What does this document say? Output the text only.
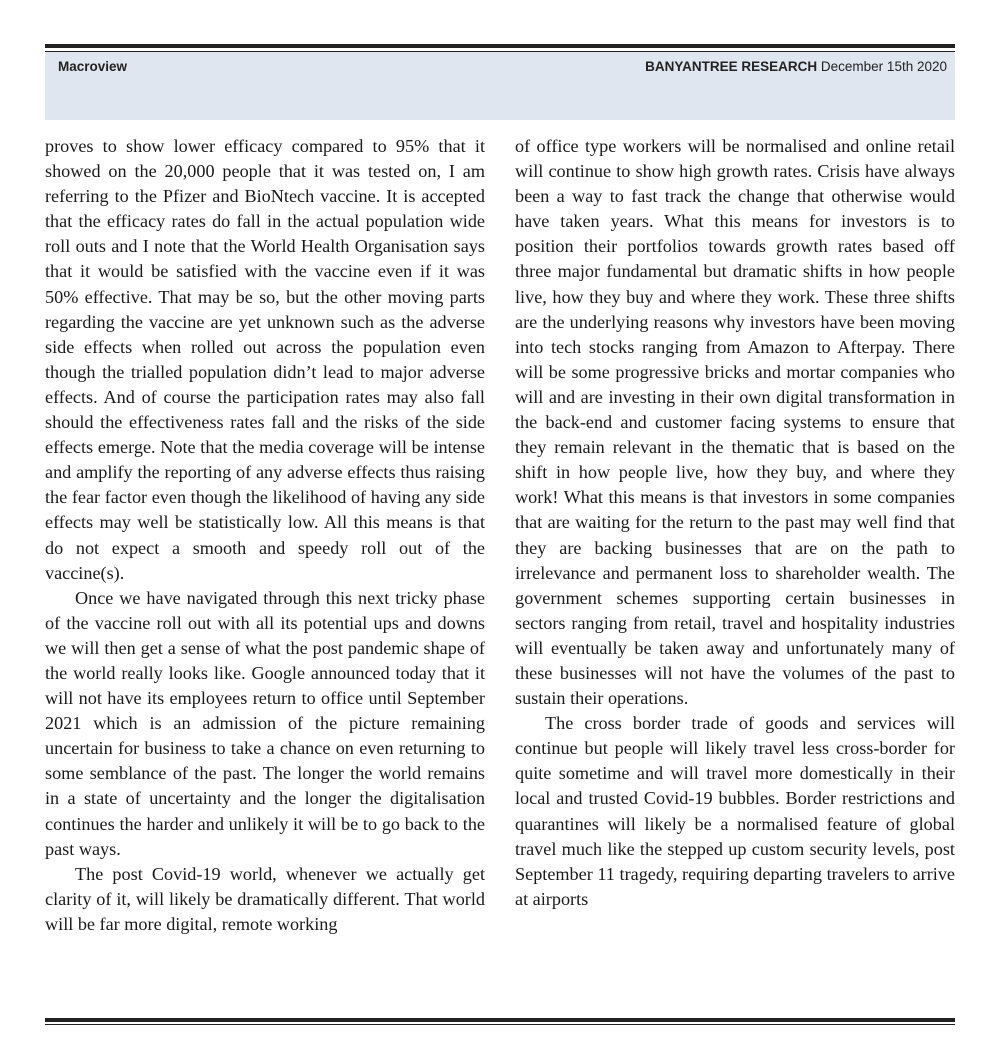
Macroview	BANYANTREE RESEARCH December 15th 2020

proves to show lower efficacy compared to 95% that it showed on the 20,000 people that it was tested on, I am referring to the Pfizer and BioNtech vaccine. It is accepted that the efficacy rates do fall in the actual population wide roll outs and I note that the World Health Organisation says that it would be satisfied with the vaccine even if it was 50% effective. That may be so, but the other moving parts regarding the vaccine are yet unknown such as the adverse side effects when rolled out across the population even though the trialled population didn’t lead to major adverse effects. And of course the participation rates may also fall should the effectiveness rates fall and the risks of the side effects emerge. Note that the media coverage will be intense and amplify the reporting of any adverse effects thus raising the fear factor even though the likelihood of having any side effects may well be statistically low. All this means is that do not expect a smooth and speedy roll out of the vaccine(s).

Once we have navigated through this next tricky phase of the vaccine roll out with all its potential ups and downs we will then get a sense of what the post pandemic shape of the world really looks like. Google announced today that it will not have its employees return to office until September 2021 which is an admission of the picture remaining uncertain for business to take a chance on even returning to some semblance of the past. The longer the world remains in a state of uncertainty and the longer the digitalisation continues the harder and unlikely it will be to go back to the past ways.

The post Covid-19 world, whenever we actually get clarity of it, will likely be dramatically different. That world will be far more digital, remote working

of office type workers will be normalised and online retail will continue to show high growth rates. Crisis have always been a way to fast track the change that otherwise would have taken years. What this means for investors is to position their portfolios towards growth rates based off three major fundamental but dramatic shifts in how people live, how they buy and where they work. These three shifts are the underlying reasons why investors have been moving into tech stocks ranging from Amazon to Afterpay. There will be some progressive bricks and mortar companies who will and are investing in their own digital transformation in the back-end and customer facing systems to ensure that they remain relevant in the thematic that is based on the shift in how people live, how they buy, and where they work! What this means is that investors in some companies that are waiting for the return to the past may well find that they are backing businesses that are on the path to irrelevance and permanent loss to shareholder wealth. The government schemes supporting certain businesses in sectors ranging from retail, travel and hospitality industries will eventually be taken away and unfortunately many of these businesses will not have the volumes of the past to sustain their operations.

The cross border trade of goods and services will continue but people will likely travel less cross-border for quite sometime and will travel more domestically in their local and trusted Covid-19 bubbles. Border restrictions and quarantines will likely be a normalised feature of global travel much like the stepped up custom security levels, post September 11 tragedy, requiring departing travelers to arrive at airports
